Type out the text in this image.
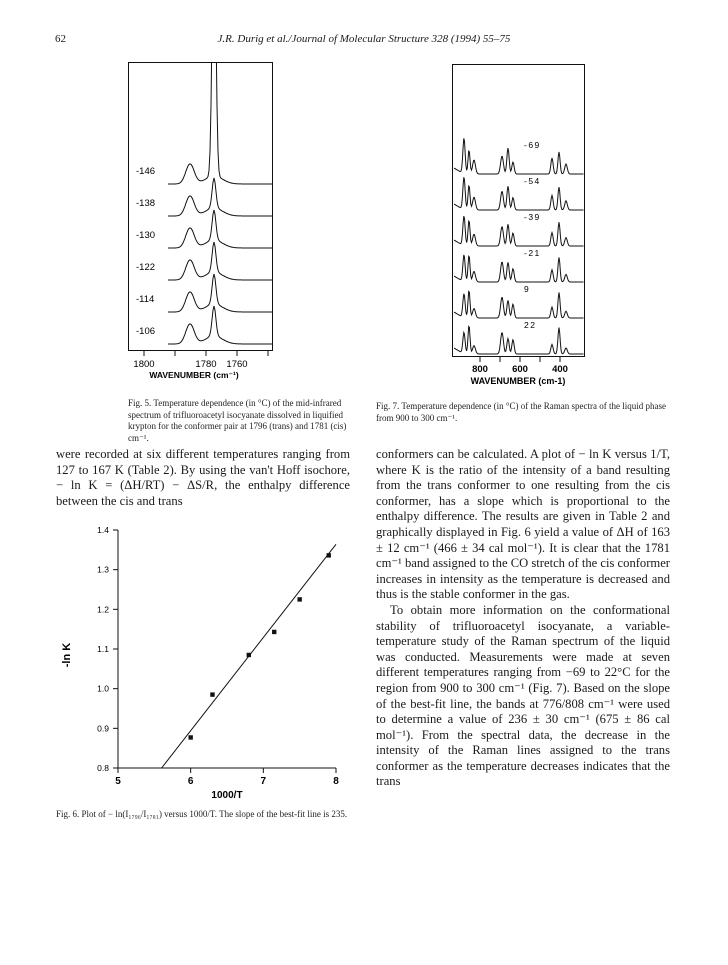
62	J.R. Durig et al./Journal of Molecular Structure 328 (1994) 55–75
-146
-138
-130
-122
-114
-106
1800	1780 1760
WAVENUMBER (cm⁻¹)
Fig. 5. Temperature dependence (in °C) of the mid-infrared spectrum of trifluoroacetyl isocyanate dissolved in liquified krypton for the conformer pair at 1796 (trans) and 1781 (cis) cm⁻¹.
-69
-54
-39
-21
9
22
800	600	400
WAVENUMBER (cm-1)
Fig. 7. Temperature dependence (in °C) of the Raman spectra of the liquid phase from 900 to 300 cm⁻¹.

were recorded at six different temperatures ranging from 127 to 167 K (Table 2). By using the van't Hoff isochore, − ln K = (ΔH/RT) − ΔS/R, the enthalpy difference between the cis and trans

conformers can be calculated. A plot of − ln K versus 1/T, where K is the ratio of the intensity of a band resulting from the trans conformer to one resulting from the cis conformer, has a slope which is proportional to the enthalpy difference. The results are given in Table 2 and graphically displayed in Fig. 6 yield a value of ΔH of 163 ± 12 cm⁻¹ (466 ± 34 cal mol⁻¹). It is clear that the 1781 cm⁻¹ band assigned to the CO stretch of the cis conformer increases in intensity as the temperature is decreased and thus is the stable conformer in the gas.

To obtain more information on the conformational stability of trifluoroacetyl isocyanate, a variable-temperature study of the Raman spectrum of the liquid was conducted. Measurements were made at seven different temperatures ranging from −69 to 22°C for the region from 900 to 300 cm⁻¹ (Fig. 7). Based on the slope of the best-fit line, the bands at 776/808 cm⁻¹ were used to determine a value of 236 ± 30 cm⁻¹ (675 ± 86 cal mol⁻¹). From the spectral data, the decrease in the intensity of the Raman lines assigned to the trans conformer as the temperature decreases indicates that the trans

0.8
0.9
1.0
1.1
1.2
1.3
1.4
5	6	7	8
-ln K
1000/T
Fig. 6. Plot of − ln(I₁₇₉₆/I₁₇₈₁) versus 1000/T. The slope of the best-fit line is 235.
